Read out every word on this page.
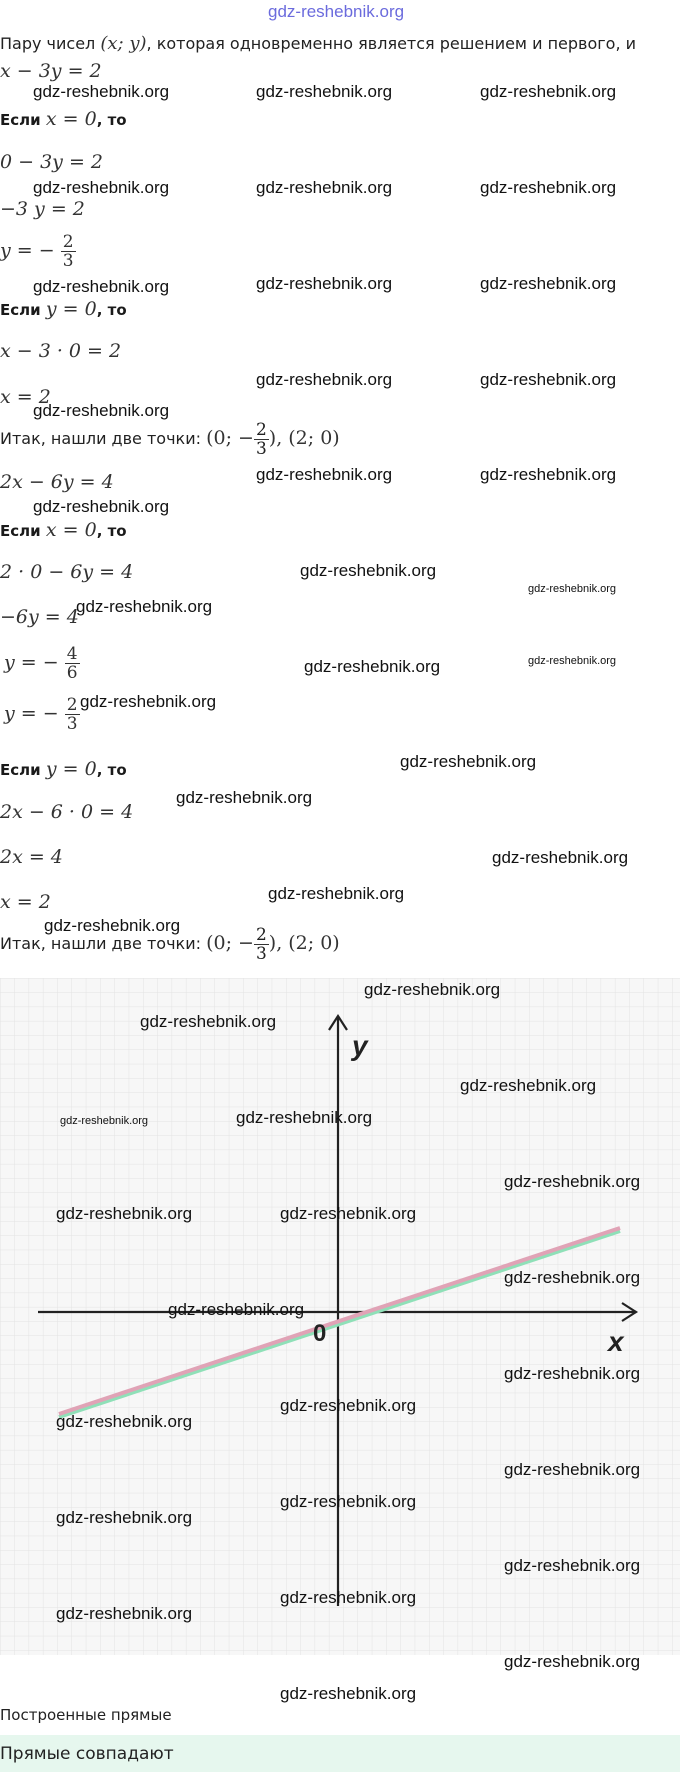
gdz-reshebnik.org
Пару чисел (x; y), которая одновременно является решением и первого, и
x − 3y = 2
Если x = 0, то
0 − 3y = 2
−3 y = 2
y = − $\frac{2}{3}$
Если y = 0, то
x − 3 · 0 = 2
x = 2
Итак, нашли две точки: (0; − $\frac{2}{3}$ ), (2; 0)
2x − 6y = 4
Если x = 0, то
2 · 0 − 6y = 4
−6y = 4
y = − $\frac{4}{6}$
y = − $\frac{2}{3}$
Если y = 0, то
2x − 6 · 0 = 4
2x = 4
x = 2
Итак, нашли две точки: (0; − $\frac{2}{3}$ ), (2; 0)
y
x
0
Построенные прямые
Прямые совпадают
gdz-reshebnik.org	gdz-reshebnik.org	gdz-reshebnik.org
gdz-reshebnik.org	gdz-reshebnik.org	gdz-reshebnik.org
gdz-reshebnik.org	gdz-reshebnik.org	gdz-reshebnik.org
gdz-reshebnik.org	gdz-reshebnik.org
gdz-reshebnik.org
gdz-reshebnik.org	gdz-reshebnik.org
gdz-reshebnik.org
gdz-reshebnik.org
gdz-reshebnik.org
gdz-reshebnik.org
gdz-reshebnik.org	gdz-reshebnik.org
gdz-reshebnik.org
gdz-reshebnik.org
gdz-reshebnik.org
gdz-reshebnik.org
gdz-reshebnik.org
gdz-reshebnik.org
gdz-reshebnik.org
gdz-reshebnik.org
gdz-reshebnik.org
gdz-reshebnik.org	gdz-reshebnik.org
gdz-reshebnik.org
gdz-reshebnik.org	gdz-reshebnik.org
gdz-reshebnik.org
gdz-reshebnik.org
gdz-reshebnik.org
gdz-reshebnik.org
gdz-reshebnik.org
gdz-reshebnik.org
gdz-reshebnik.org
gdz-reshebnik.org
gdz-reshebnik.org
gdz-reshebnik.org
gdz-reshebnik.org
gdz-reshebnik.org
gdz-reshebnik.org
